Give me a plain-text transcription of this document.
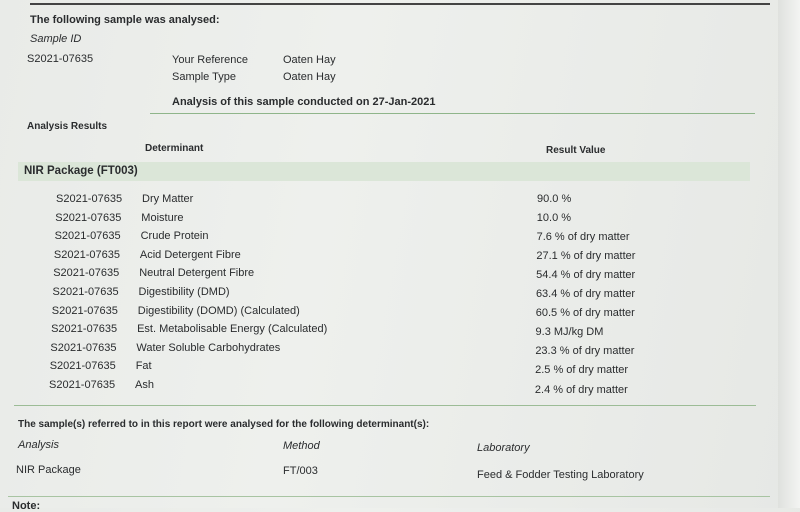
The following sample was analysed:
Sample ID
S2021-07635	Your Reference	Oaten Hay
Sample Type	Oaten Hay
Analysis of this sample conducted on 27-Jan-2021
Analysis Results
Determinant	Result Value
NIR Package (FT003)
S2021-07635 Dry Matter	90.0 %
S2021-07635 Moisture	10.0 %
S2021-07635 Crude Protein	7.6 % of dry matter
S2021-07635 Acid Detergent Fibre	27.1 % of dry matter
S2021-07635 Neutral Detergent Fibre	54.4 % of dry matter
S2021-07635 Digestibility (DMD)	63.4 % of dry matter
S2021-07635 Digestibility (DOMD) (Calculated)	60.5 % of dry matter
S2021-07635 Est. Metabolisable Energy (Calculated)	9.3 MJ/kg DM
S2021-07635 Water Soluble Carbohydrates	23.3 % of dry matter
S2021-07635 Fat	2.5 % of dry matter
S2021-07635 Ash	2.4 % of dry matter
The sample(s) referred to in this report were analysed for the following determinant(s):
Analysis	Method	Laboratory
NIR Package	FT/003	Feed & Fodder Testing Laboratory
Note:
